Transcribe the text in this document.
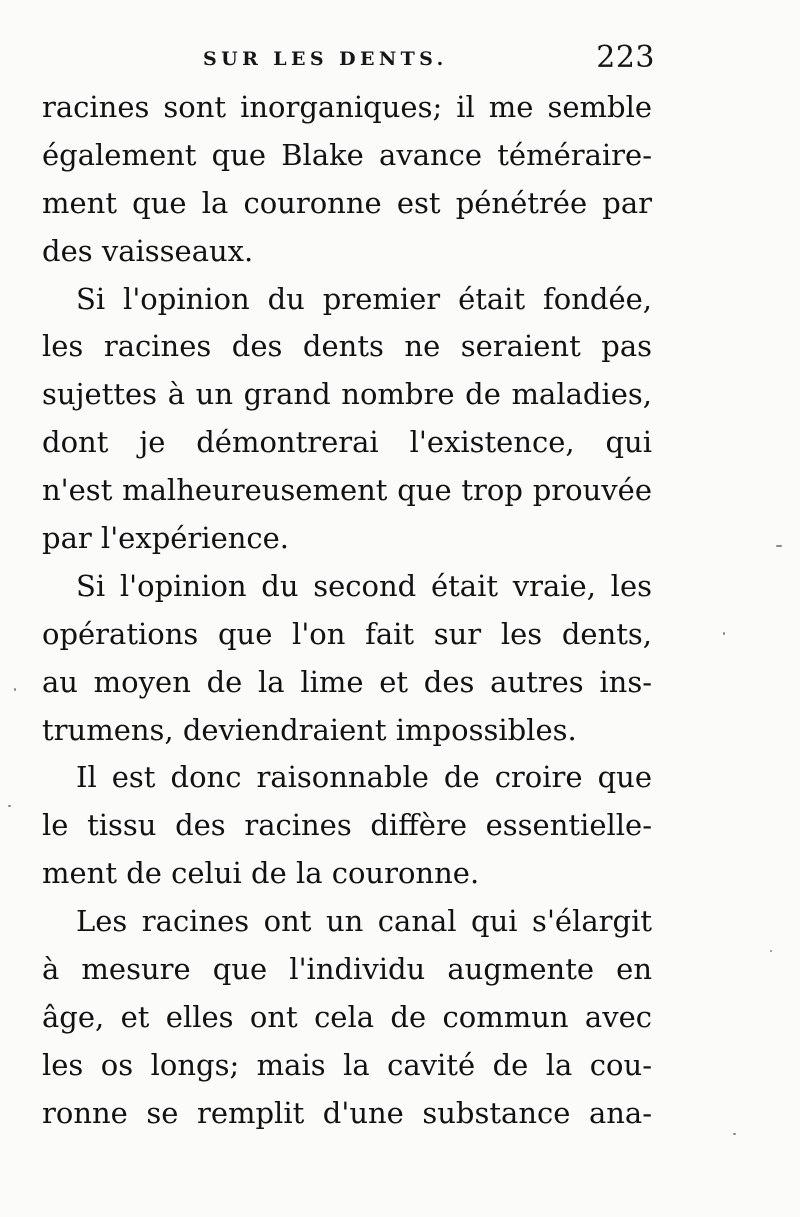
SUR LES DENTS.	223
racines sont inorganiques; il me semble
également que Blake avance téméraire-
ment que la couronne est pénétrée par
des vaisseaux.
Si l'opinion du premier était fondée,
les racines des dents ne seraient pas
sujettes à un grand nombre de maladies,
dont je démontrerai l'existence, qui
n'est malheureusement que trop prouvée
par l'expérience.
Si l'opinion du second était vraie, les
opérations que l'on fait sur les dents,
au moyen de la lime et des autres ins-
trumens, deviendraient impossibles.
Il est donc raisonnable de croire que
le tissu des racines diffère essentielle-
ment de celui de la couronne.
Les racines ont un canal qui s'élargit
à mesure que l'individu augmente en
âge, et elles ont cela de commun avec
les os longs; mais la cavité de la cou-
ronne se remplit d'une substance ana-
